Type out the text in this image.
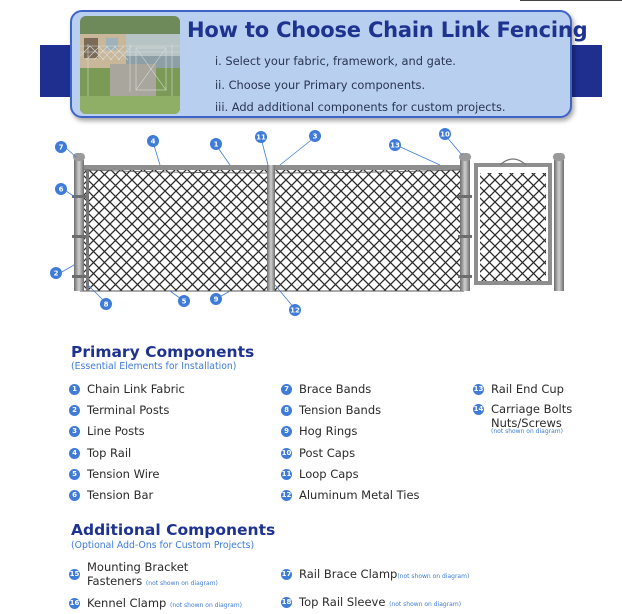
How to Choose Chain Link Fencing
i. Select your fabric, framework, and gate.
ii. Choose your Primary components.
iii. Add additional components for custom projects.
7
6
2
4	1
11	3
13
10
8	5	9
12
Primary Components
(Essential Elements for Installation)
1 Chain Link Fabric
2 Terminal Posts
3 Line Posts
4 Top Rail
5 Tension Wire
6 Tension Bar
7 Brace Bands
8 Tension Bands
9 Hog Rings
10 Post Caps
11 Loop Caps
12 Aluminum Metal Ties
13 Rail End Cup
14 Carriage Bolts
Nuts/Screws
(not shown on diagram)
Additional Components
(Optional Add-Ons for Custom Projects)
15 Mounting Bracket
Fasteners (not shown on diagram)
16 Kennel Clamp (not shown on diagram)
17 Rail Brace Clamp(not shown on diagram)
18 Top Rail Sleeve (not shown on diagram)
